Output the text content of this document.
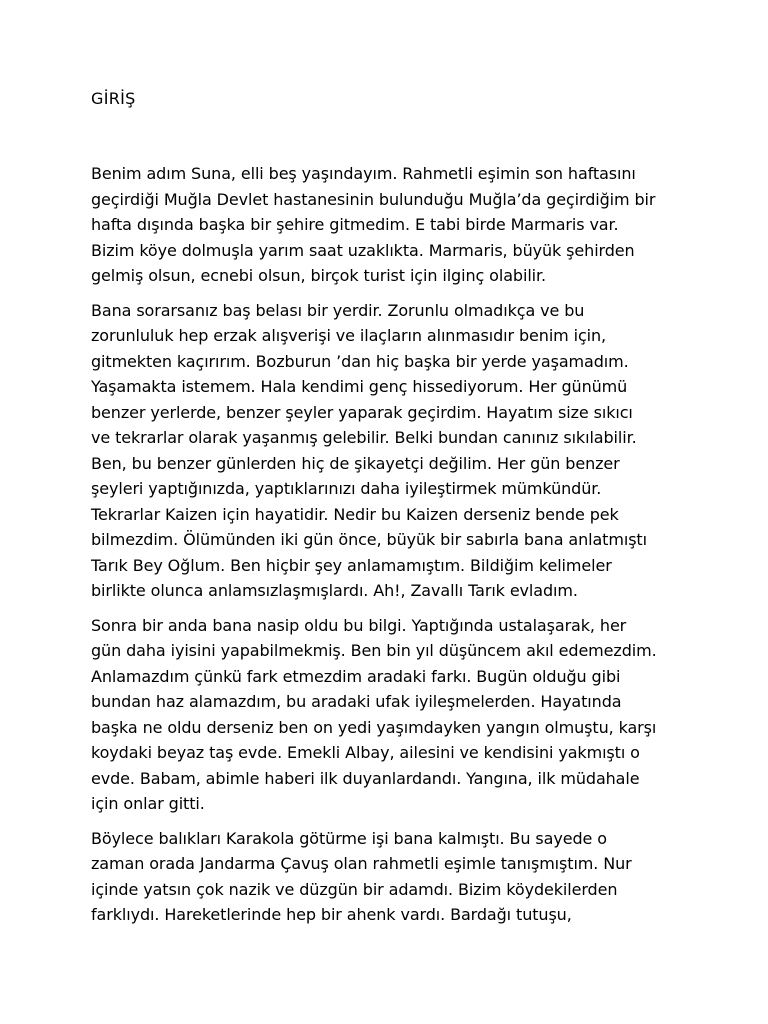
GİRİŞ
Benim adım Suna, elli beş yaşındayım. Rahmetli eşimin son haftasını
geçirdiği Muğla Devlet hastanesinin bulunduğu Muğla’da geçirdiğim bir
hafta dışında başka bir şehire gitmedim. E tabi birde Marmaris var.
Bizim köye dolmuşla yarım saat uzaklıkta. Marmaris, büyük şehirden
gelmiş olsun, ecnebi olsun, birçok turist için ilginç olabilir.
Bana sorarsanız baş belası bir yerdir. Zorunlu olmadıkça ve bu
zorunluluk hep erzak alışverişi ve ilaçların alınmasıdır benim için,
gitmekten kaçırırım. Bozburun ’dan hiç başka bir yerde yaşamadım.
Yaşamakta istemem. Hala kendimi genç hissediyorum. Her günümü
benzer yerlerde, benzer şeyler yaparak geçirdim. Hayatım size sıkıcı
ve tekrarlar olarak yaşanmış gelebilir. Belki bundan canınız sıkılabilir.
Ben, bu benzer günlerden hiç de şikayetçi değilim. Her gün benzer
şeyleri yaptığınızda, yaptıklarınızı daha iyileştirmek mümkündür.
Tekrarlar Kaizen için hayatidir. Nedir bu Kaizen derseniz bende pek
bilmezdim. Ölümünden iki gün önce, büyük bir sabırla bana anlatmıştı
Tarık Bey Oğlum. Ben hiçbir şey anlamamıştım. Bildiğim kelimeler
birlikte olunca anlamsızlaşmışlardı. Ah!, Zavallı Tarık evladım.
Sonra bir anda bana nasip oldu bu bilgi. Yaptığında ustalaşarak, her
gün daha iyisini yapabilmekmiş. Ben bin yıl düşüncem akıl edemezdim.
Anlamazdım çünkü fark etmezdim aradaki farkı. Bugün olduğu gibi
bundan haz alamazdım, bu aradaki ufak iyileşmelerden. Hayatında
başka ne oldu derseniz ben on yedi yaşımdayken yangın olmuştu, karşı
koydaki beyaz taş evde. Emekli Albay, ailesini ve kendisini yakmıştı o
evde. Babam, abimle haberi ilk duyanlardandı. Yangına, ilk müdahale
için onlar gitti.
Böylece balıkları Karakola götürme işi bana kalmıştı. Bu sayede o
zaman orada Jandarma Çavuş olan rahmetli eşimle tanışmıştım. Nur
içinde yatsın çok nazik ve düzgün bir adamdı. Bizim köydekilerden
farklıydı. Hareketlerinde hep bir ahenk vardı. Bardağı tutuşu,
